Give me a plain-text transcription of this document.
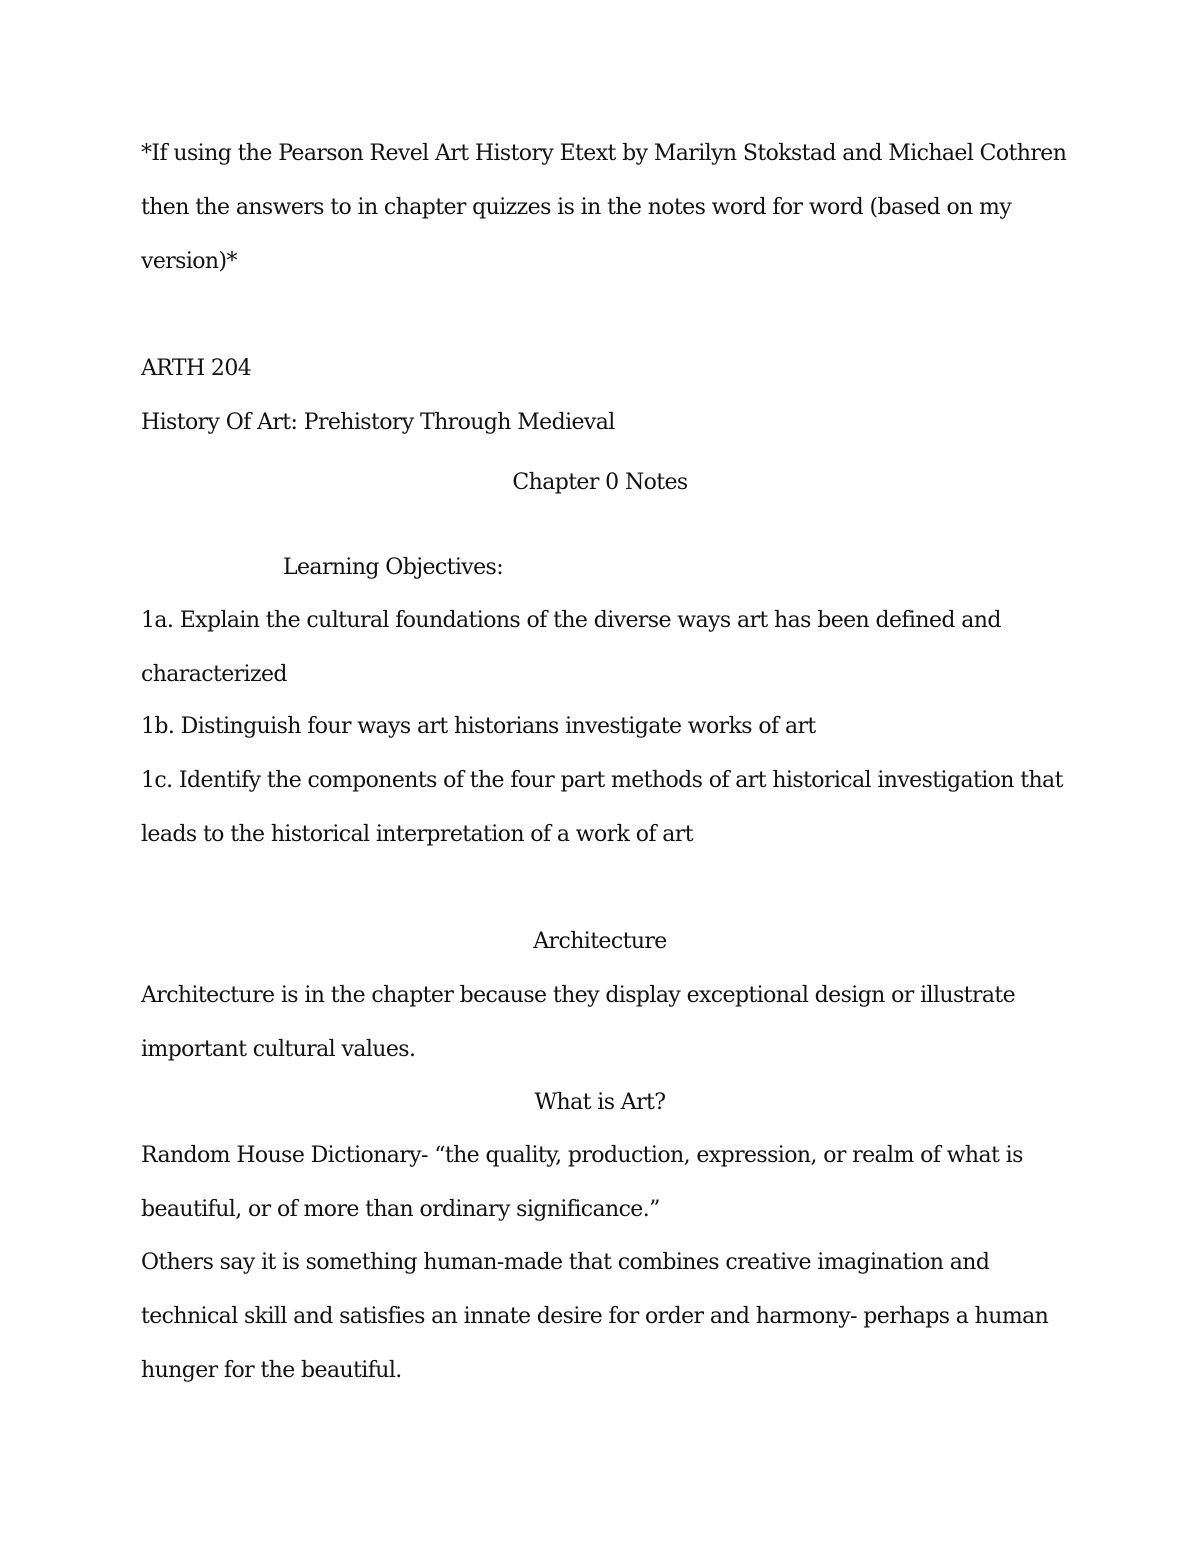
*If using the Pearson Revel Art History Etext by Marilyn Stokstad and Michael Cothren
then the answers to in chapter quizzes is in the notes word for word (based on my
version)*
ARTH 204
History Of Art: Prehistory Through Medieval
Chapter 0 Notes
Learning Objectives:
1a. Explain the cultural foundations of the diverse ways art has been defined and
characterized
1b. Distinguish four ways art historians investigate works of art
1c. Identify the components of the four part methods of art historical investigation that
leads to the historical interpretation of a work of art
Architecture
Architecture is in the chapter because they display exceptional design or illustrate
important cultural values.
What is Art?
Random House Dictionary- “the quality, production, expression, or realm of what is
beautiful, or of more than ordinary significance.”
Others say it is something human-made that combines creative imagination and
technical skill and satisfies an innate desire for order and harmony- perhaps a human
hunger for the beautiful.
